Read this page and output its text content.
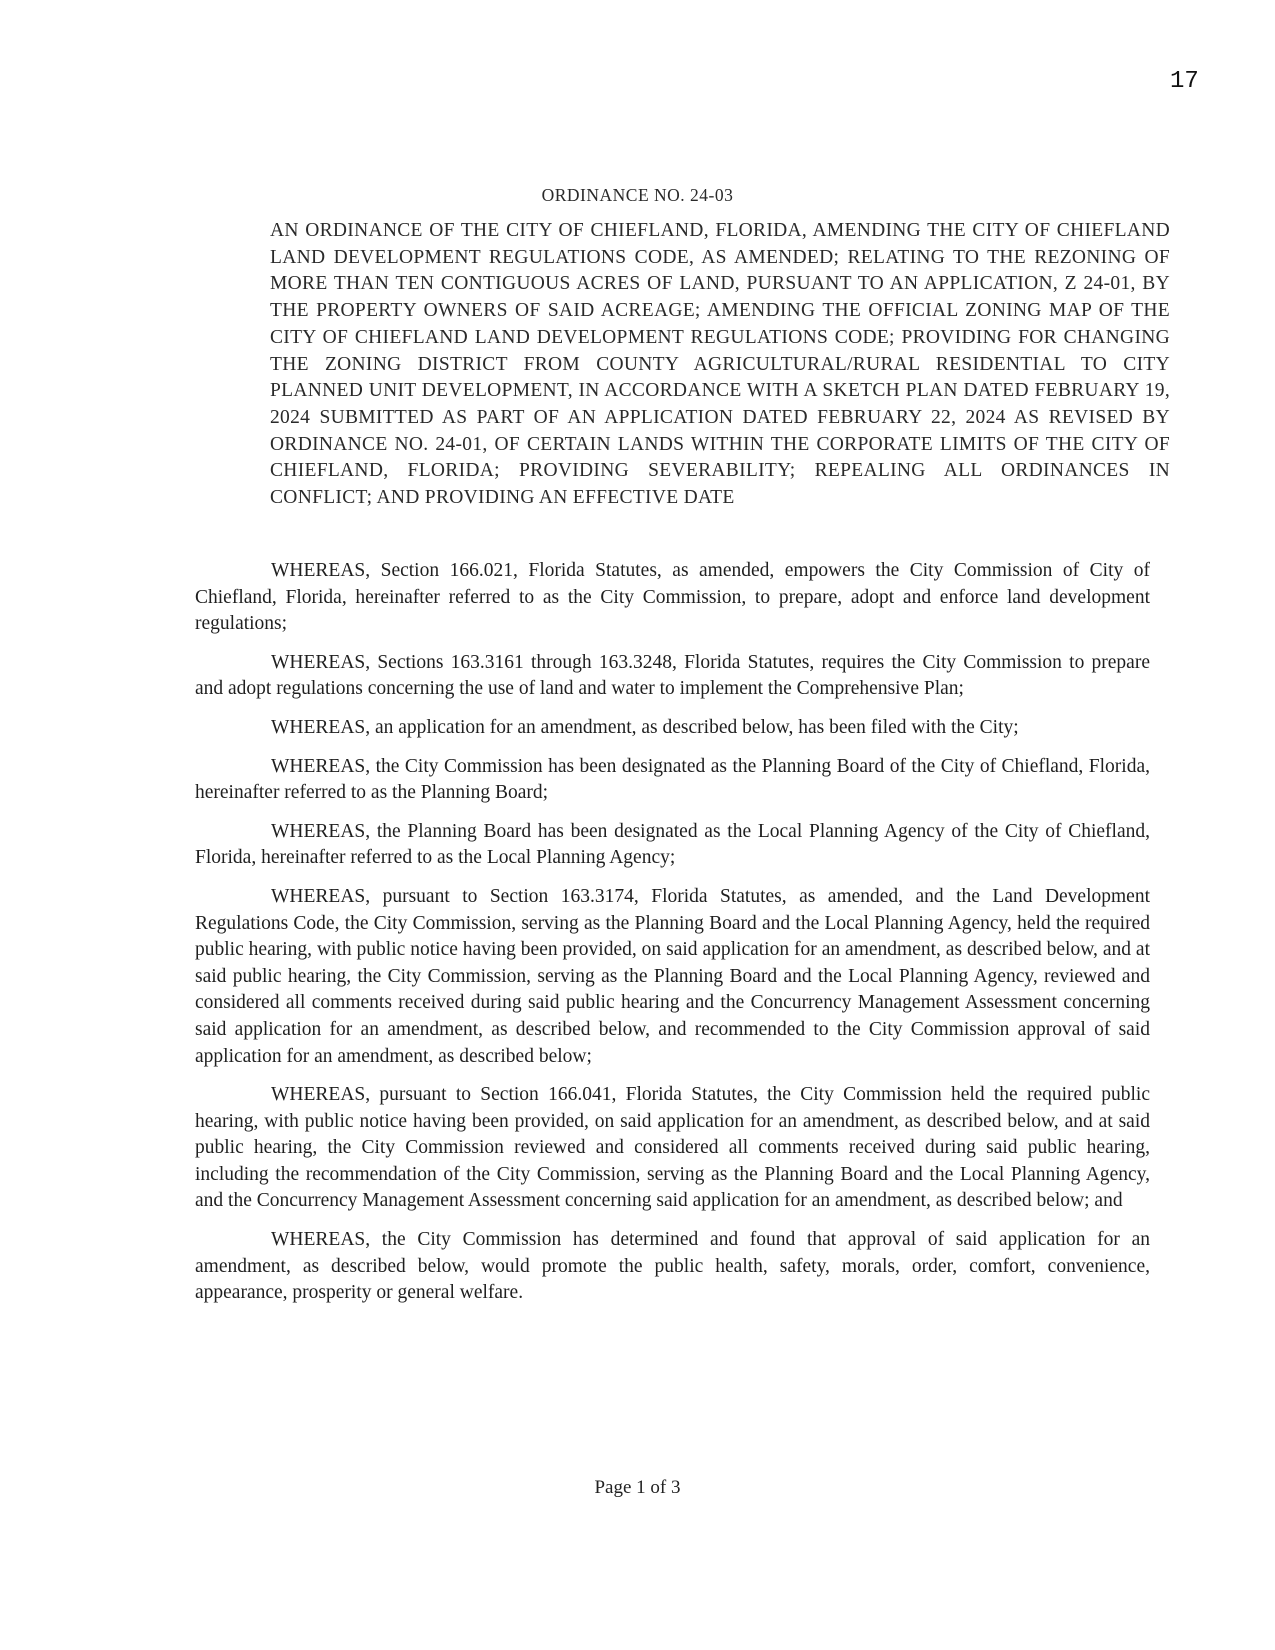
17
ORDINANCE NO. 24-03
AN ORDINANCE OF THE CITY OF CHIEFLAND, FLORIDA, AMENDING THE CITY OF CHIEFLAND LAND DEVELOPMENT REGULATIONS CODE, AS AMENDED; RELATING TO THE REZONING OF MORE THAN TEN CONTIGUOUS ACRES OF LAND, PURSUANT TO AN APPLICATION, Z 24-01, BY THE PROPERTY OWNERS OF SAID ACREAGE; AMENDING THE OFFICIAL ZONING MAP OF THE CITY OF CHIEFLAND LAND DEVELOPMENT REGULATIONS CODE; PROVIDING FOR CHANGING THE ZONING DISTRICT FROM COUNTY AGRICULTURAL/RURAL RESIDENTIAL TO CITY PLANNED UNIT DEVELOPMENT, IN ACCORDANCE WITH A SKETCH PLAN DATED FEBRUARY 19, 2024 SUBMITTED AS PART OF AN APPLICATION DATED FEBRUARY 22, 2024 AS REVISED BY ORDINANCE NO. 24-01, OF CERTAIN LANDS WITHIN THE CORPORATE LIMITS OF THE CITY OF CHIEFLAND, FLORIDA; PROVIDING SEVERABILITY; REPEALING ALL ORDINANCES IN CONFLICT; AND PROVIDING AN EFFECTIVE DATE

WHEREAS, Section 166.021, Florida Statutes, as amended, empowers the City Commission of City of Chiefland, Florida, hereinafter referred to as the City Commission, to prepare, adopt and enforce land development regulations;

WHEREAS, Sections 163.3161 through 163.3248, Florida Statutes, requires the City Commission to prepare and adopt regulations concerning the use of land and water to implement the Comprehensive Plan;

WHEREAS, an application for an amendment, as described below, has been filed with the City;

WHEREAS, the City Commission has been designated as the Planning Board of the City of Chiefland, Florida, hereinafter referred to as the Planning Board;

WHEREAS, the Planning Board has been designated as the Local Planning Agency of the City of Chiefland, Florida, hereinafter referred to as the Local Planning Agency;

WHEREAS, pursuant to Section 163.3174, Florida Statutes, as amended, and the Land Development Regulations Code, the City Commission, serving as the Planning Board and the Local Planning Agency, held the required public hearing, with public notice having been provided, on said application for an amendment, as described below, and at said public hearing, the City Commission, serving as the Planning Board and the Local Planning Agency, reviewed and considered all comments received during said public hearing and the Concurrency Management Assessment concerning said application for an amendment, as described below, and recommended to the City Commission approval of said application for an amendment, as described below;

WHEREAS, pursuant to Section 166.041, Florida Statutes, the City Commission held the required public hearing, with public notice having been provided, on said application for an amendment, as described below, and at said public hearing, the City Commission reviewed and considered all comments received during said public hearing, including the recommendation of the City Commission, serving as the Planning Board and the Local Planning Agency, and the Concurrency Management Assessment concerning said application for an amendment, as described below; and

WHEREAS, the City Commission has determined and found that approval of said application for an amendment, as described below, would promote the public health, safety, morals, order, comfort, convenience, appearance, prosperity or general welfare.

Page 1 of 3
